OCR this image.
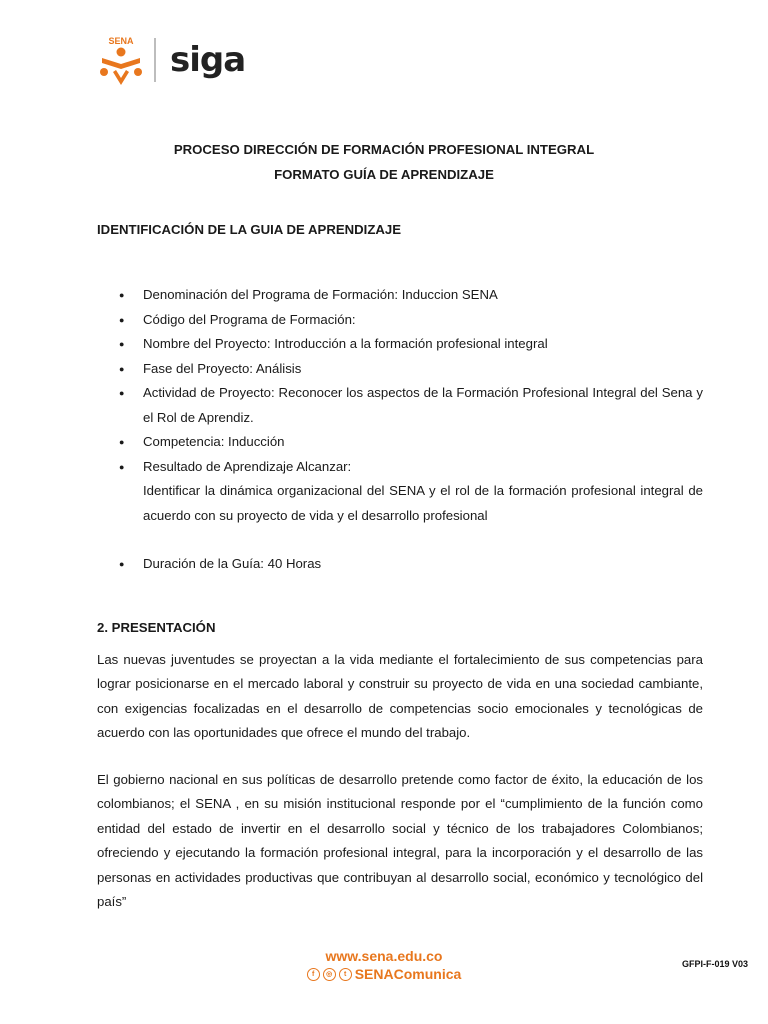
SENA siga
PROCESO DIRECCIÓN DE FORMACIÓN PROFESIONAL INTEGRAL
FORMATO GUÍA DE APRENDIZAJE
IDENTIFICACIÓN DE LA GUIA DE APRENDIZAJE
● Denominación del Programa de Formación: Induccion SENA
● Código del Programa de Formación:
● Nombre del Proyecto: Introducción a la formación profesional integral
● Fase del Proyecto: Análisis
● Actividad de Proyecto: Reconocer los aspectos de la Formación Profesional Integral del Sena y el Rol de Aprendiz.
● Competencia: Inducción
● Resultado de Aprendizaje Alcanzar:
Identificar la dinámica organizacional del SENA y el rol de la formación profesional integral de acuerdo con su proyecto de vida y el desarrollo profesional
● Duración de la Guía: 40 Horas
2. PRESENTACIÓN

Las nuevas juventudes se proyectan a la vida mediante el fortalecimiento de sus competencias para lograr posicionarse en el mercado laboral y construir su proyecto de vida en una sociedad cambiante, con exigencias focalizadas en el desarrollo de competencias socio emocionales y tecnológicas de acuerdo con las oportunidades que ofrece el mundo del trabajo.

El gobierno nacional en sus políticas de desarrollo pretende como factor de éxito, la educación de los colombianos; el SENA , en su misión institucional responde por el “cumplimiento de la función como entidad del estado de invertir en el desarrollo social y técnico de los trabajadores Colombianos; ofreciendo y ejecutando la formación profesional integral, para la incorporación y el desarrollo de las personas en actividades productivas que contribuyan al desarrollo social, económico y tecnológico del país”

www.sena.edu.co
f	◎	t SENAComunica
GFPI-F-019 V03
